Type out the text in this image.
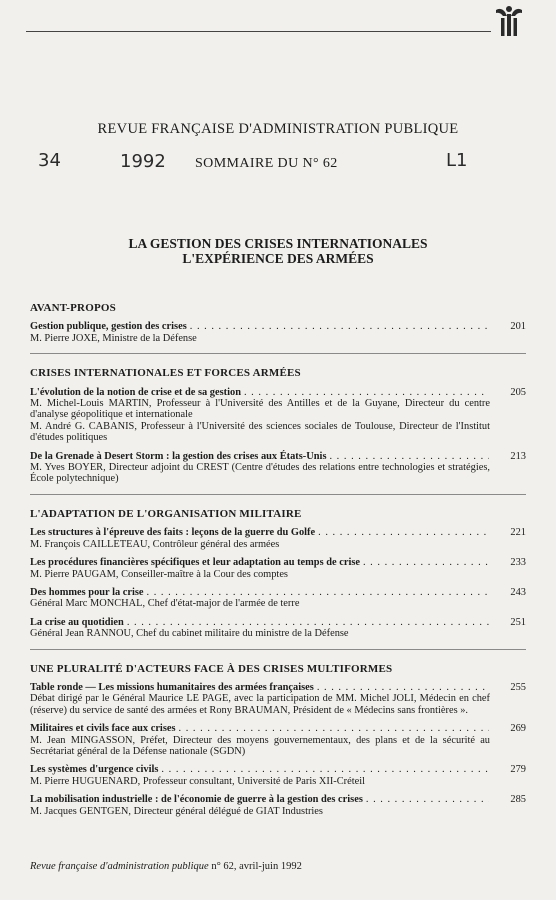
REVUE FRANÇAISE D'ADMINISTRATION PUBLIQUE
34	1992 SOMMAIRE DU N° 62	L1
LA GESTION DES CRISES INTERNATIONALES
L'EXPÉRIENCE DES ARMÉES
AVANT-PROPOS
Gestion publique, gestion des crises . . .	201
M. Pierre JOXE, Ministre de la Défense
CRISES INTERNATIONALES ET FORCES ARMÉES
L'évolution de la notion de crise et de sa gestion . . .	205
M. Michel-Louis MARTIN, Professeur à l'Université des Antilles et de la Guyane, Directeur du centre d'analyse géopolitique et internationale
M. André G. CABANIS, Professeur à l'Université des sciences sociales de Toulouse, Directeur de l'Institut d'études politiques
De la Grenade à Desert Storm : la gestion des crises aux États-Unis . . .	213
M. Yves BOYER, Directeur adjoint du CREST (Centre d'études des relations entre technologies et stratégies, École polytechnique)
L'ADAPTATION DE L'ORGANISATION MILITAIRE
Les structures à l'épreuve des faits : leçons de la guerre du Golfe . . .	221
M. François CAILLETEAU, Contrôleur général des armées
Les procédures financières spécifiques et leur adaptation au temps de crise . . .	233
M. Pierre PAUGAM, Conseiller-maître à la Cour des comptes
Des hommes pour la crise . . .	243
Général Marc MONCHAL, Chef d'état-major de l'armée de terre
La crise au quotidien . . .	251
Général Jean RANNOU, Chef du cabinet militaire du ministre de la Défense
UNE PLURALITÉ D'ACTEURS FACE À DES CRISES MULTIFORMES
Table ronde — Les missions humanitaires des armées françaises . . .	255
Débat dirigé par le Général Maurice LE PAGE, avec la participation de MM. Michel JOLI, Médecin en chef (réserve) du service de santé des armées et Rony BRAUMAN, Président de « Médecins sans frontières ».
Militaires et civils face aux crises . . .	269
M. Jean MINGASSON, Préfet, Directeur des moyens gouvernementaux, des plans et de la sécurité au Secrétariat général de la Défense nationale (SGDN)
Les systèmes d'urgence civils . . .	279
M. Pierre HUGUENARD, Professeur consultant, Université de Paris XII-Créteil
La mobilisation industrielle : de l'économie de guerre à la gestion des crises . . .	285
M. Jacques GENTGEN, Directeur général délégué de GIAT Industries
Revue française d'administration publique n° 62, avril-juin 1992
